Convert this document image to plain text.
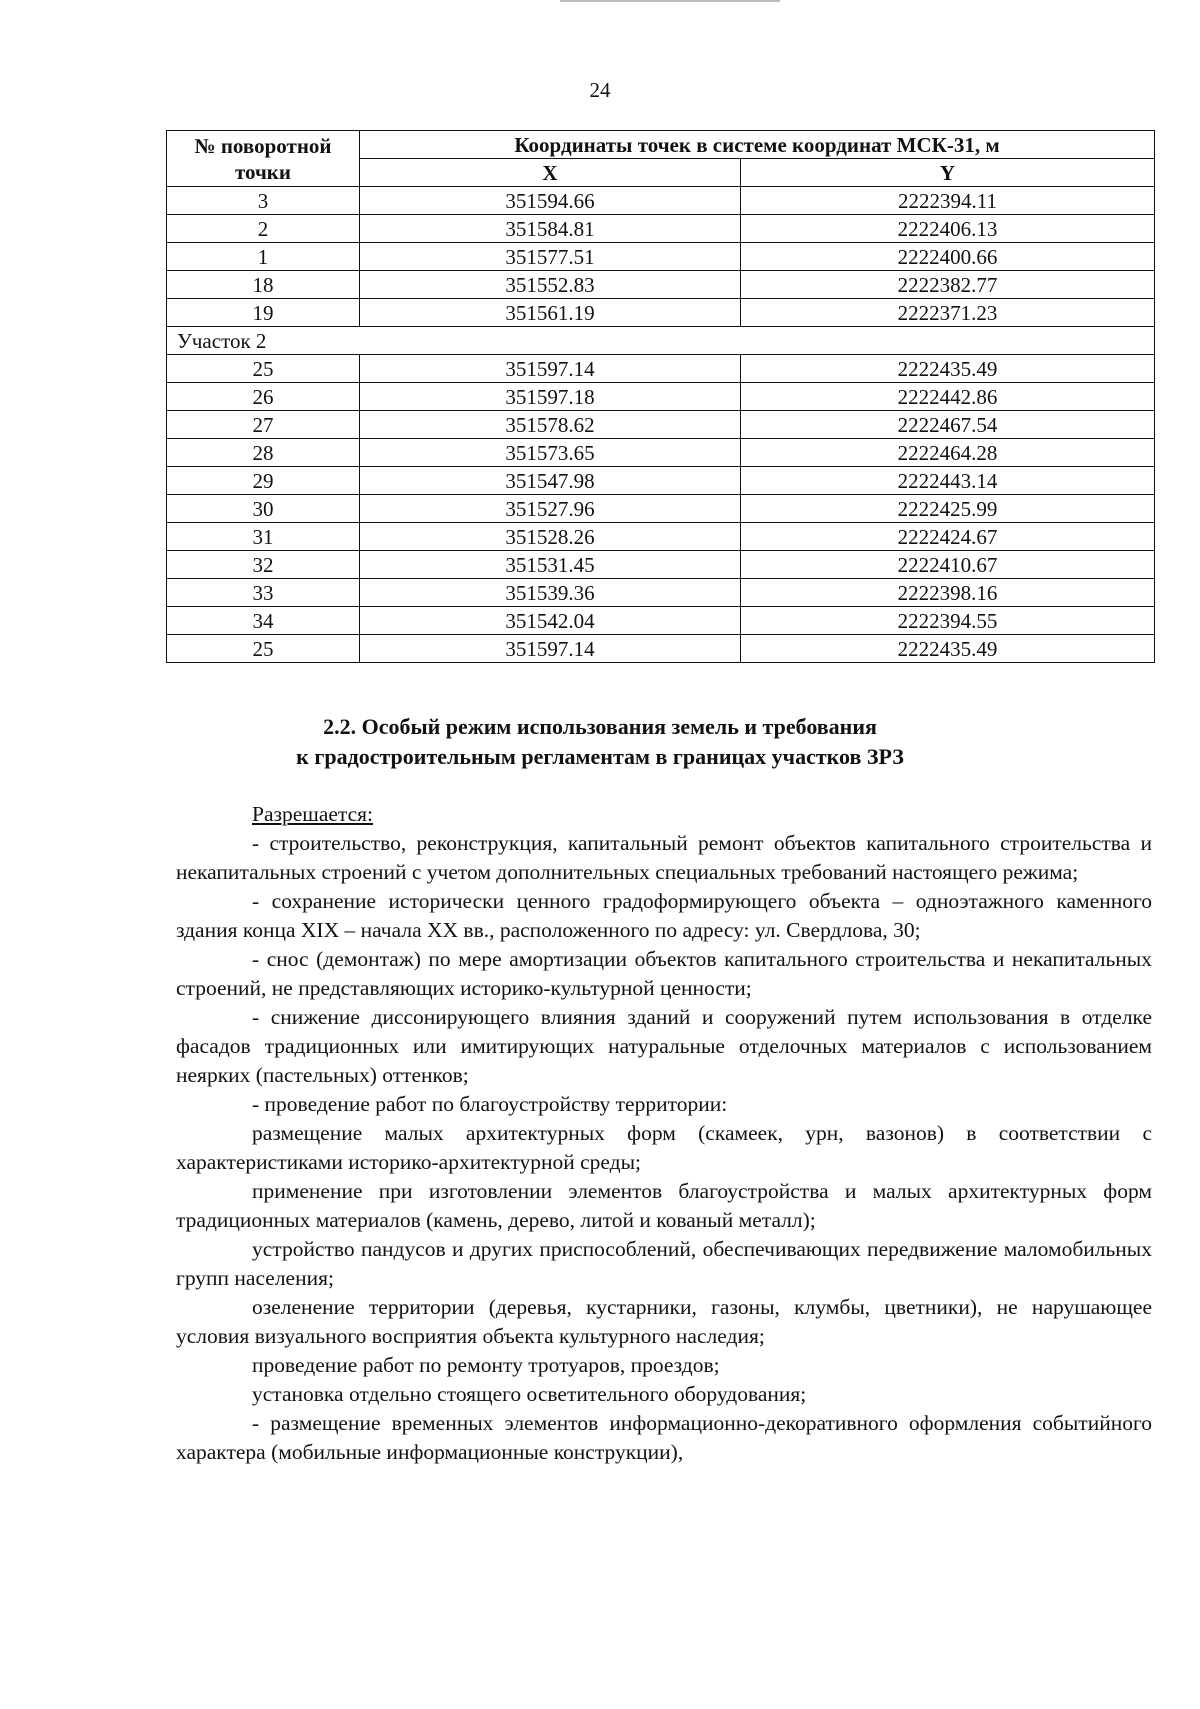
24
№ поворотной точки	Координаты точек в системе координат МСК-31, м	
	X	Y
3	351594.66	2222394.11
2	351584.81	2222406.13
1	351577.51	2222400.66
18	351552.83	2222382.77
19	351561.19	2222371.23
Участок 2		
25	351597.14	2222435.49
26	351597.18	2222442.86
27	351578.62	2222467.54
28	351573.65	2222464.28
29	351547.98	2222443.14
30	351527.96	2222425.99
31	351528.26	2222424.67
32	351531.45	2222410.67
33	351539.36	2222398.16
34	351542.04	2222394.55
25	351597.14	2222435.49
2.2. Особый режим использования земель и требования
к градостроительным регламентам в границах участков ЗРЗ
Разрешается:

- строительство, реконструкция, капитальный ремонт объектов капитального строительства и некапитальных строений с учетом дополнительных специальных требований настоящего режима;

- сохранение исторически ценного градоформирующего объекта – одноэтажного каменного здания конца XIX – начала XX вв., расположенного по адресу: ул. Свердлова, 30;

- снос (демонтаж) по мере амортизации объектов капитального строительства и некапитальных строений, не представляющих историко-культурной ценности;

- снижение диссонирующего влияния зданий и сооружений путем использования в отделке фасадов традиционных или имитирующих натуральные отделочных материалов с использованием неярких (пастельных) оттенков;

- проведение работ по благоустройству территории:

размещение малых архитектурных форм (скамеек, урн, вазонов) в соответствии с характеристиками историко-архитектурной среды;

применение при изготовлении элементов благоустройства и малых архитектурных форм традиционных материалов (камень, дерево, литой и кованый металл);

устройство пандусов и других приспособлений, обеспечивающих передвижение маломобильных групп населения;

озеленение территории (деревья, кустарники, газоны, клумбы, цветники), не нарушающее условия визуального восприятия объекта культурного наследия;

проведение работ по ремонту тротуаров, проездов;

установка отдельно стоящего осветительного оборудования;

- размещение временных элементов информационно-декоративного оформления событийного характера (мобильные информационные конструкции),
